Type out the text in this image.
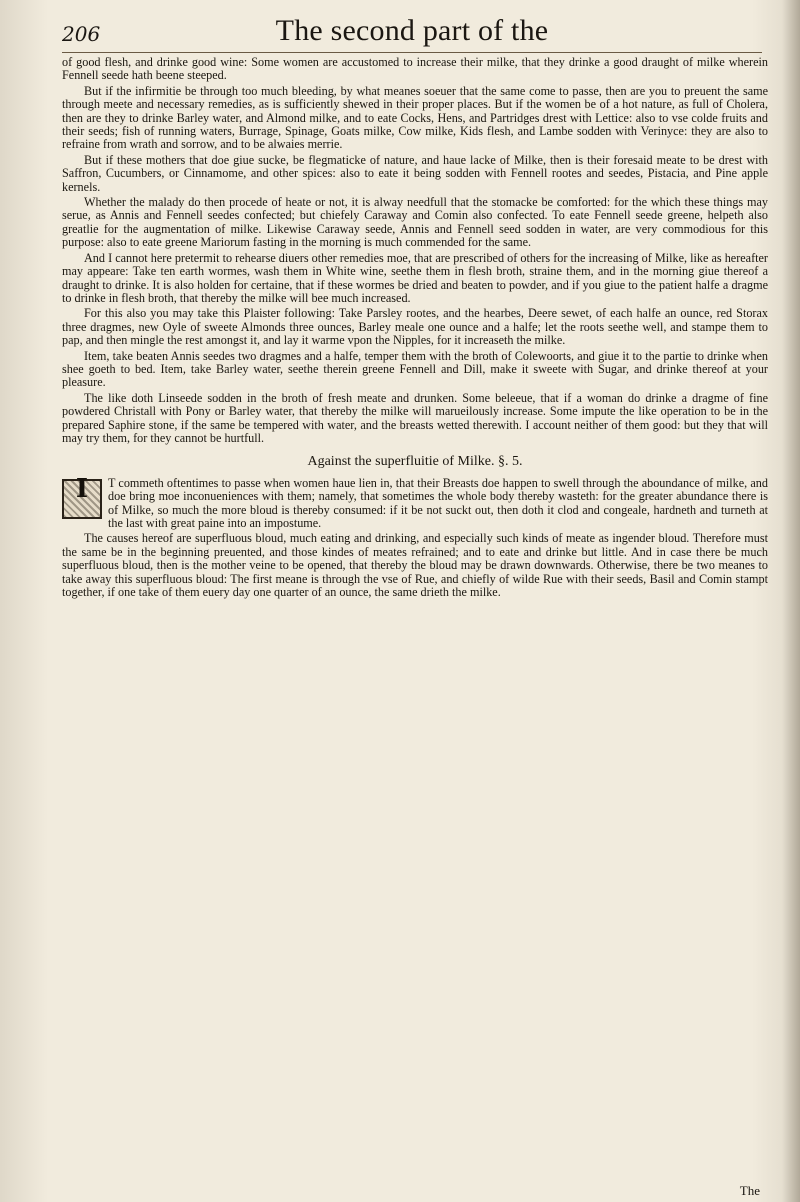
206	The second part of the

of good flesh, and drinke good wine: Some women are accustomed to increase their milke, that they drinke a good draught of milke wherein Fennell seede hath beene steeped.

But if the infirmitie be through too much bleeding, by what meanes soeuer that the same come to passe, then are you to preuent the same through meete and necessary remedies, as is sufficiently shewed in their proper places. But if the women be of a hot nature, as full of Cholera, then are they to drinke Barley water, and Almond milke, and to eate Cocks, Hens, and Partridges drest with Lettice: also to vse colde fruits and their seeds; fish of running waters, Burrage, Spinage, Goats milke, Cow milke, Kids flesh, and Lambe sodden with Verinyce: they are also to refraine from wrath and sorrow, and to be alwaies merrie.

But if these mothers that doe giue sucke, be flegmaticke of nature, and haue lacke of Milke, then is their foresaid meate to be drest with Saffron, Cucumbers, or Cinnamome, and other spices: also to eate it being sodden with Fennell rootes and seedes, Pistacia, and Pine apple kernels.

Whether the malady do then procede of heate or not, it is alway needfull that the stomacke be comforted: for the which these things may serue, as Annis and Fennell seedes confected; but chiefely Caraway and Comin also confected. To eate Fennell seede greene, helpeth also greatlie for the augmentation of milke. Likewise Caraway seede, Annis and Fennell seed sodden in water, are very commodious for this purpose: also to eate greene Mariorum fasting in the morning is much commended for the same.

And I cannot here pretermit to rehearse diuers other remedies moe, that are prescribed of others for the increasing of Milke, like as hereafter may appeare: Take ten earth wormes, wash them in White wine, seethe them in flesh broth, straine them, and in the morning giue thereof a draught to drinke. It is also holden for certaine, that if these wormes be dried and beaten to powder, and if you giue to the patient halfe a dragme to drinke in flesh broth, that thereby the milke will bee much increased.

For this also you may take this Plaister following: Take Parsley rootes, and the hearbes, Deere sewet, of each halfe an ounce, red Storax three dragmes, new Oyle of sweete Almonds three ounces, Barley meale one ounce and a halfe; let the roots seethe well, and stampe them to pap, and then mingle the rest amongst it, and lay it warme vpon the Nipples, for it increaseth the milke.

Item, take beaten Annis seedes two dragmes and a halfe, temper them with the broth of Colewoorts, and giue it to the partie to drinke when shee goeth to bed. Item, take Barley water, seethe therein greene Fennell and Dill, make it sweete with Sugar, and drinke thereof at your pleasure.

The like doth Linseede sodden in the broth of fresh meate and drunken. Some beleeue, that if a woman do drinke a dragme of fine powdered Christall with Pony or Barley water, that thereby the milke will marueilously increase. Some impute the like operation to be in the prepared Saphire stone, if the same be tempered with water, and the breasts wetted therewith. I account neither of them good: but they that will may try them, for they cannot be hurtfull.

Against the superfluitie of Milke. §. 5.
I	T commeth oftentimes to passe when women haue lien in, that their Breasts doe happen to swell through the aboundance of milke, and doe bring moe inconueniences with them; namely, that sometimes the whole body thereby wasteth: for the greater abundance there is of Milke, so much the more bloud is thereby consumed: if it be not suckt out, then doth it clod and congeale, hardneth and turneth at the last with great paine into an impostume.

The causes hereof are superfluous bloud, much eating and drinking, and especially such kinds of meate as ingender bloud. Therefore must the same be in the beginning preuented, and those kindes of meates refrained; and to eate and drinke but little. And in case there be much superfluous bloud, then is the mother veine to be opened, that thereby the bloud may be drawn downwards. Otherwise, there be two meanes to take away this superfluous bloud: The first meane is through the vse of Rue, and chiefly of wilde Rue with their seeds, Basil and Comin stampt together, if one take of them euery day one quarter of an ounce, the same drieth the milke.

The
